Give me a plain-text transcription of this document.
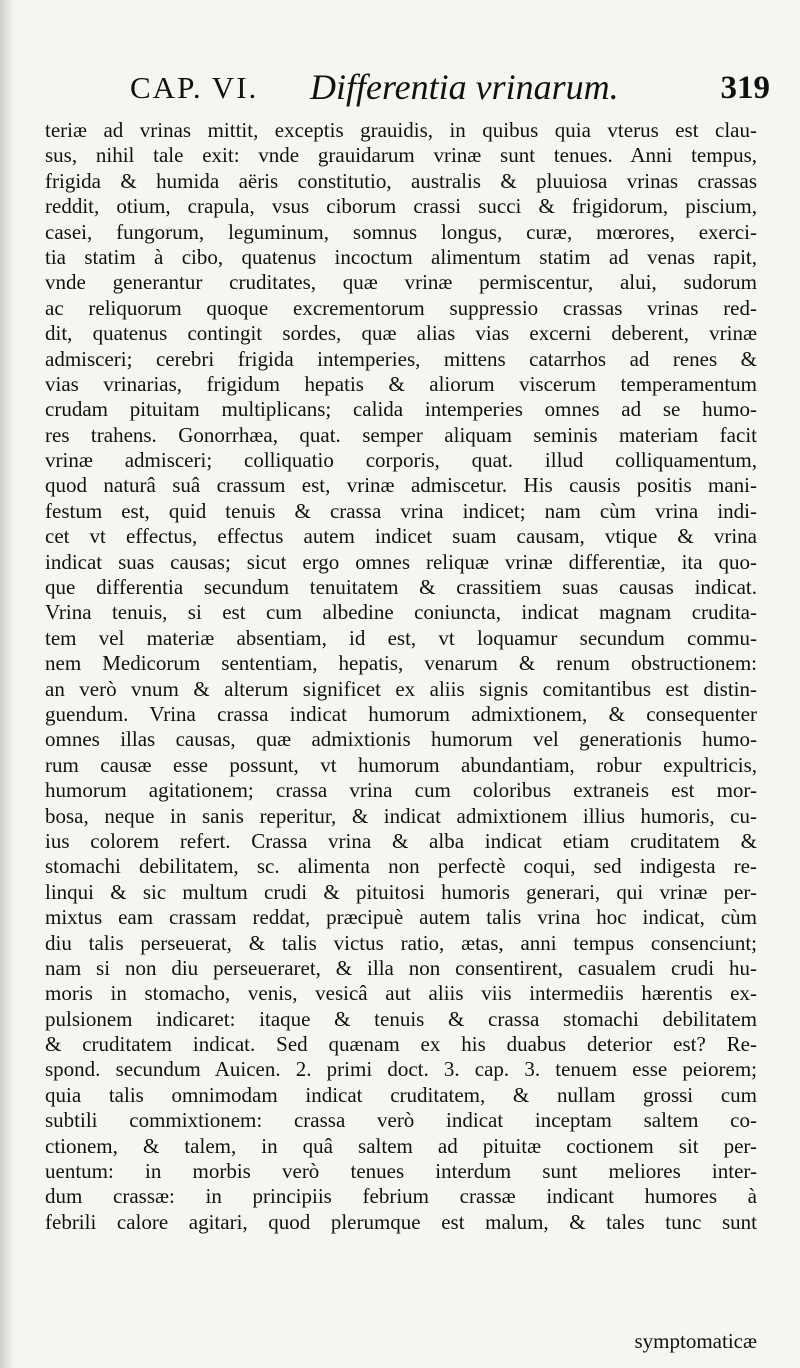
CAP. VI. Differentia vrinarum.	319
teriæ ad vrinas mittit, exceptis grauidis, in quibus quia vterus est clau-
sus, nihil tale exit: vnde grauidarum vrinæ sunt tenues. Anni tempus,
frigida & humida aëris constitutio, australis & pluuiosa vrinas crassas
reddit, otium, crapula, vsus ciborum crassi succi & frigidorum, piscium,
casei, fungorum, leguminum, somnus longus, curæ, mœrores, exerci-
tia statim à cibo, quatenus incoctum alimentum statim ad venas rapit,
vnde generantur cruditates, quæ vrinæ permiscentur, alui, sudorum
ac reliquorum quoque excrementorum suppressio crassas vrinas red-
dit, quatenus contingit sordes, quæ alias vias excerni deberent, vrinæ
admisceri; cerebri frigida intemperies, mittens catarrhos ad renes &
vias vrinarias, frigidum hepatis & aliorum viscerum temperamentum
crudam pituitam multiplicans; calida intemperies omnes ad se humo-
res trahens. Gonorrhæa, quat. semper aliquam seminis materiam facit
vrinæ admisceri; colliquatio corporis, quat. illud colliquamentum,
quod naturâ suâ crassum est, vrinæ admiscetur. His causis positis mani-
festum est, quid tenuis & crassa vrina indicet; nam cùm vrina indi-
cet vt effectus, effectus autem indicet suam causam, vtique & vrina
indicat suas causas; sicut ergo omnes reliquæ vrinæ differentiæ, ita quo-
que differentia secundum tenuitatem & crassitiem suas causas indicat.
Vrina tenuis, si est cum albedine coniuncta, indicat magnam crudita-
tem vel materiæ absentiam, id est, vt loquamur secundum commu-
nem Medicorum sententiam, hepatis, venarum & renum obstructionem:
an verò vnum & alterum significet ex aliis signis comitantibus est distin-
guendum. Vrina crassa indicat humorum admixtionem, & consequenter
omnes illas causas, quæ admixtionis humorum vel generationis humo-
rum causæ esse possunt, vt humorum abundantiam, robur expultricis,
humorum agitationem; crassa vrina cum coloribus extraneis est mor-
bosa, neque in sanis reperitur, & indicat admixtionem illius humoris, cu-
ius colorem refert. Crassa vrina & alba indicat etiam cruditatem &
stomachi debilitatem, sc. alimenta non perfectè coqui, sed indigesta re-
linqui & sic multum crudi & pituitosi humoris generari, qui vrinæ per-
mixtus eam crassam reddat, præcipuè autem talis vrina hoc indicat, cùm
diu talis perseuerat, & talis victus ratio, ætas, anni tempus consenciunt;
nam si non diu perseueraret, & illa non consentirent, casualem crudi hu-
moris in stomacho, venis, vesicâ aut aliis viis intermediis hærentis ex-
pulsionem indicaret: itaque & tenuis & crassa stomachi debilitatem
& cruditatem indicat. Sed quænam ex his duabus deterior est? Re-
spond. secundum Auicen. 2. primi doct. 3. cap. 3. tenuem esse peiorem;
quia talis omnimodam indicat cruditatem, & nullam grossi cum
subtili commixtionem: crassa verò indicat inceptam saltem co-
ctionem, & talem, in quâ saltem ad pituitæ coctionem sit per-
uentum: in morbis verò tenues interdum sunt meliores inter-
dum crassæ: in principiis febrium crassæ indicant humores à
febrili calore agitari, quod plerumque est malum, & tales tunc sunt
symptomaticæ
